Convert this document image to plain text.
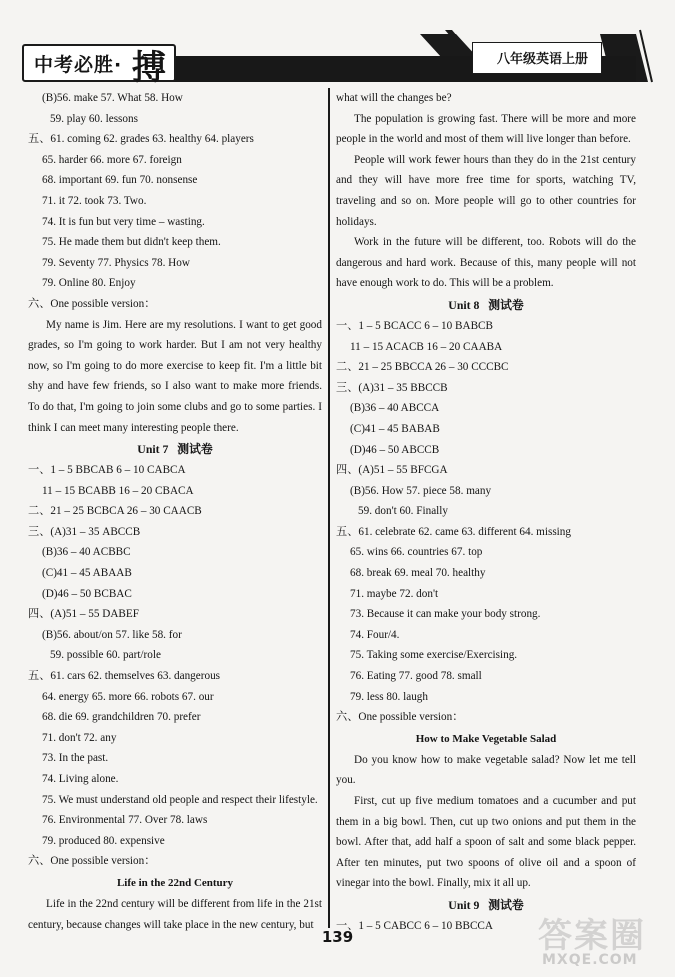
中考必胜· 搏	八年级英语上册
(B)56. make 57. What 58. How
59. play 60. lessons
五、61. coming 62. grades 63. healthy 64. players
65. harder 66. more 67. foreign
68. important 69. fun 70. nonsense
71. it 72. took 73. Two.
74. It is fun but very time – wasting.
75. He made them but didn't keep them.
79. Seventy 77. Physics 78. How
79. Online 80. Enjoy
六、One possible version：
My name is Jim. Here are my resolutions. I want to get good grades, so I'm going to work harder. But I am not very healthy now, so I'm going to do more exercise to keep fit. I'm a little bit shy and have few friends, so I also want to make more friends. To do that, I'm going to join some clubs and go to some parties. I think I can meet many interesting people there.
Unit 7 测试卷
一、1 – 5 BBCAB 6 – 10 CABCA
11 – 15 BCABB 16 – 20 CBACA
二、21 – 25 BCBCA 26 – 30 CAACB
三、(A)31 – 35 ABCCB
(B)36 – 40 ACBBC
(C)41 – 45 ABAAB
(D)46 – 50 BCBAC
四、(A)51 – 55 DABEF
(B)56. about/on 57. like 58. for
59. possible 60. part/role
五、61. cars 62. themselves 63. dangerous
64. energy 65. more 66. robots 67. our
68. die 69. grandchildren 70. prefer
71. don't 72. any
73. In the past.
74. Living alone.
75. We must understand old people and respect their lifestyle.
76. Environmental 77. Over 78. laws
79. produced 80. expensive
六、One possible version：
Life in the 22nd Century
Life in the 22nd century will be different from life in the 21st century, because changes will take place in the new century, but
what will the changes be?
The population is growing fast. There will be more and more people in the world and most of them will live longer than before.
People will work fewer hours than they do in the 21st century and they will have more free time for sports, watching TV, traveling and so on. More people will go to other countries for holidays.
Work in the future will be different, too. Robots will do the dangerous and hard work. Because of this, many people will not have enough work to do. This will be a problem.
Unit 8 测试卷
一、1 – 5 BCACC 6 – 10 BABCB
11 – 15 ACACB 16 – 20 CAABA
二、21 – 25 BBCCA 26 – 30 CCCBC
三、(A)31 – 35 BBCCB
(B)36 – 40 ABCCA
(C)41 – 45 BABAB
(D)46 – 50 ABCCB
四、(A)51 – 55 BFCGA
(B)56. How 57. piece 58. many
59. don't 60. Finally
五、61. celebrate 62. came 63. different 64. missing
65. wins 66. countries 67. top
68. break 69. meal 70. healthy
71. maybe 72. don't
73. Because it can make your body strong.
74. Four/4.
75. Taking some exercise/Exercising.
76. Eating 77. good 78. small
79. less 80. laugh
六、One possible version：
How to Make Vegetable Salad
Do you know how to make vegetable salad? Now let me tell you.
First, cut up five medium tomatoes and a cucumber and put them in a big bowl. Then, cut up two onions and put them in the bowl. After that, add half a spoon of salt and some black pepper. After ten minutes, put two spoons of olive oil and a spoon of vinegar into the bowl. Finally, mix it all up.
Unit 9 测试卷
一、1 – 5 CABCC 6 – 10 BBCCA
139	答案圈
MXQE.COM
